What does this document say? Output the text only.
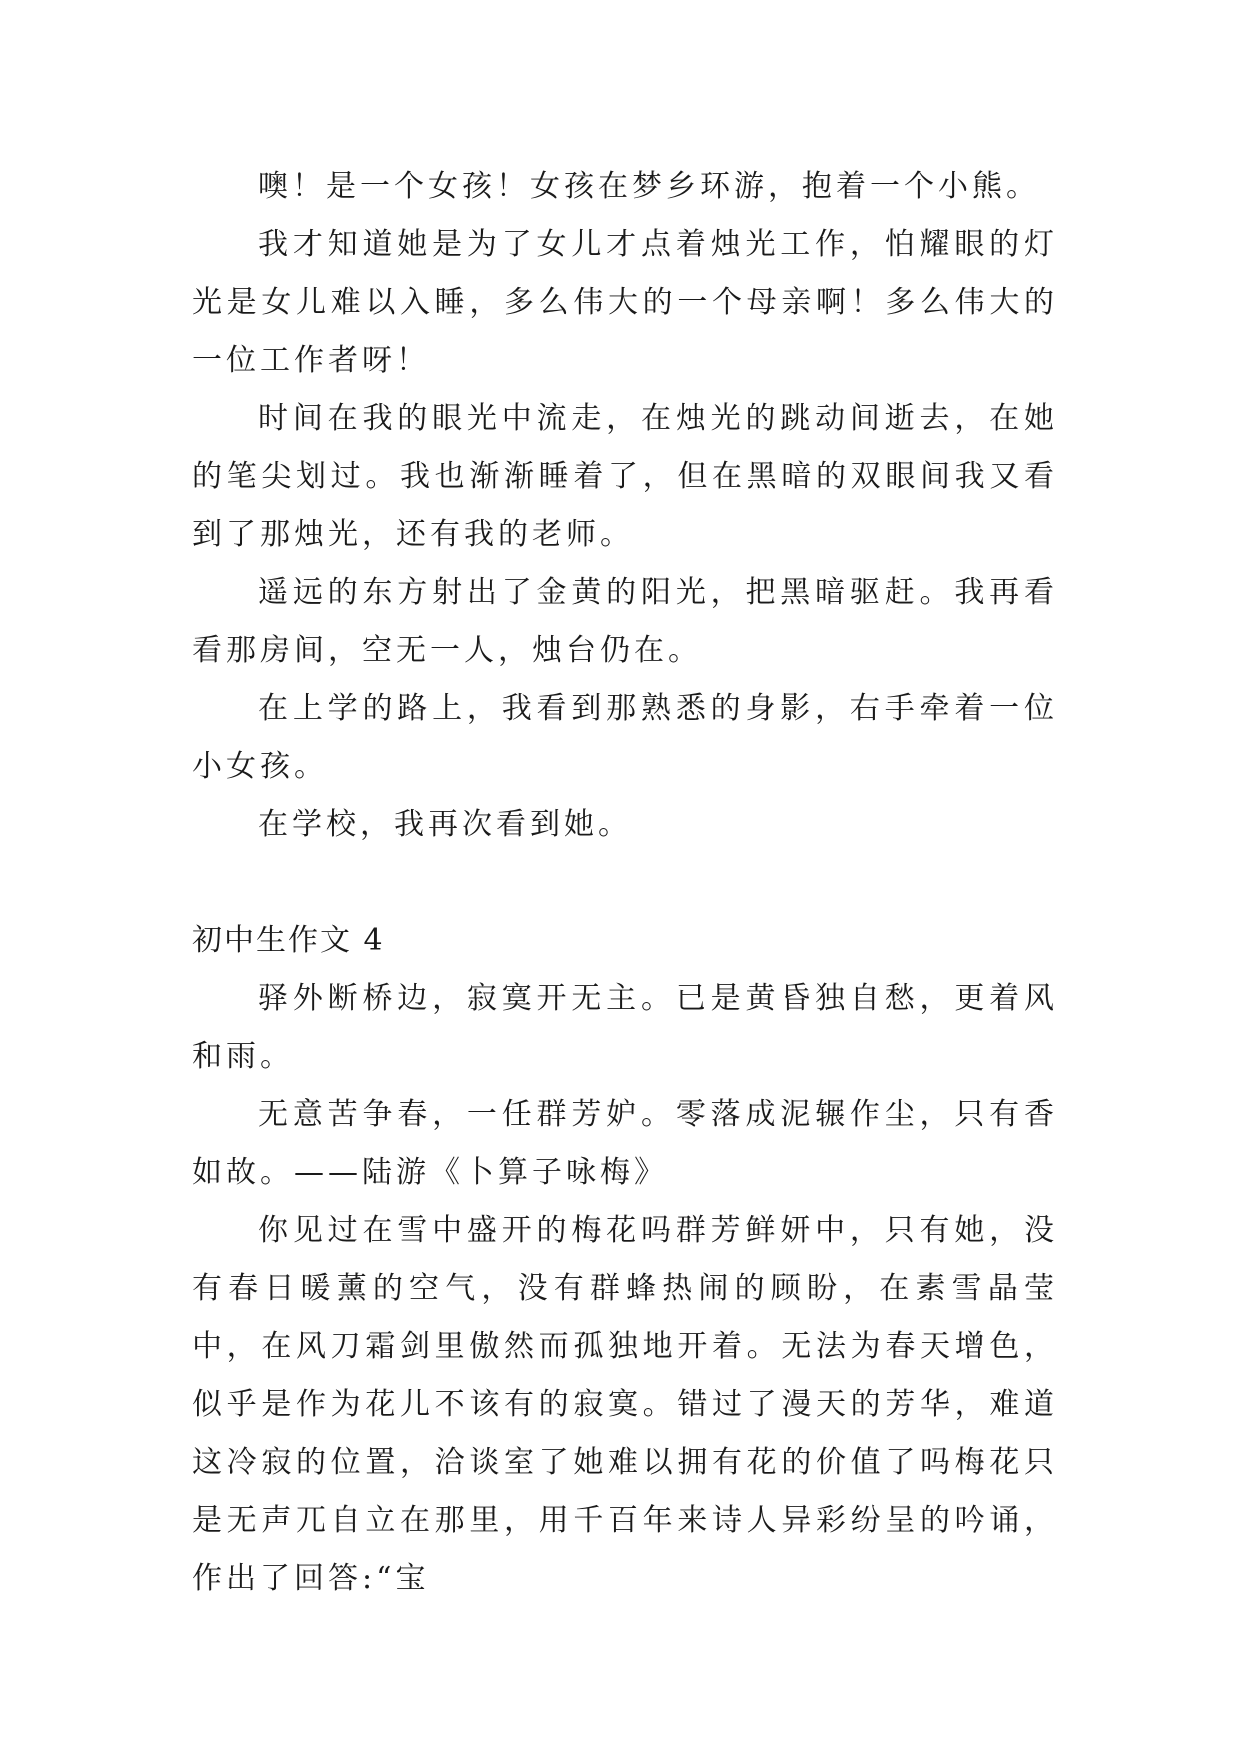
噢！是一个女孩！女孩在梦乡环游，抱着一个小熊。

我才知道她是为了女儿才点着烛光工作，怕耀眼的灯光是女儿难以入睡，多么伟大的一个母亲啊！多么伟大的一位工作者呀！

时间在我的眼光中流走，在烛光的跳动间逝去，在她的笔尖划过。我也渐渐睡着了，但在黑暗的双眼间我又看到了那烛光，还有我的老师。

遥远的东方射出了金黄的阳光，把黑暗驱赶。我再看看那房间，空无一人，烛台仍在。

在上学的路上，我看到那熟悉的身影，右手牵着一位小女孩。

在学校，我再次看到她。

初中生作文 4

驿外断桥边，寂寞开无主。已是黄昏独自愁，更着风和雨。

无意苦争春，一任群芳妒。零落成泥辗作尘，只有香如故。——陆游《卜算子咏梅》

你见过在雪中盛开的梅花吗群芳鲜妍中，只有她，没有春日暖薰的空气，没有群蜂热闹的顾盼，在素雪晶莹中，在风刀霜剑里傲然而孤独地开着。无法为春天增色，似乎是作为花儿不该有的寂寞。错过了漫天的芳华，难道这冷寂的位置，洽谈室了她难以拥有花的价值了吗梅花只是无声兀自立在那里，用千百年来诗人异彩纷呈的吟诵，作出了回答:“宝
